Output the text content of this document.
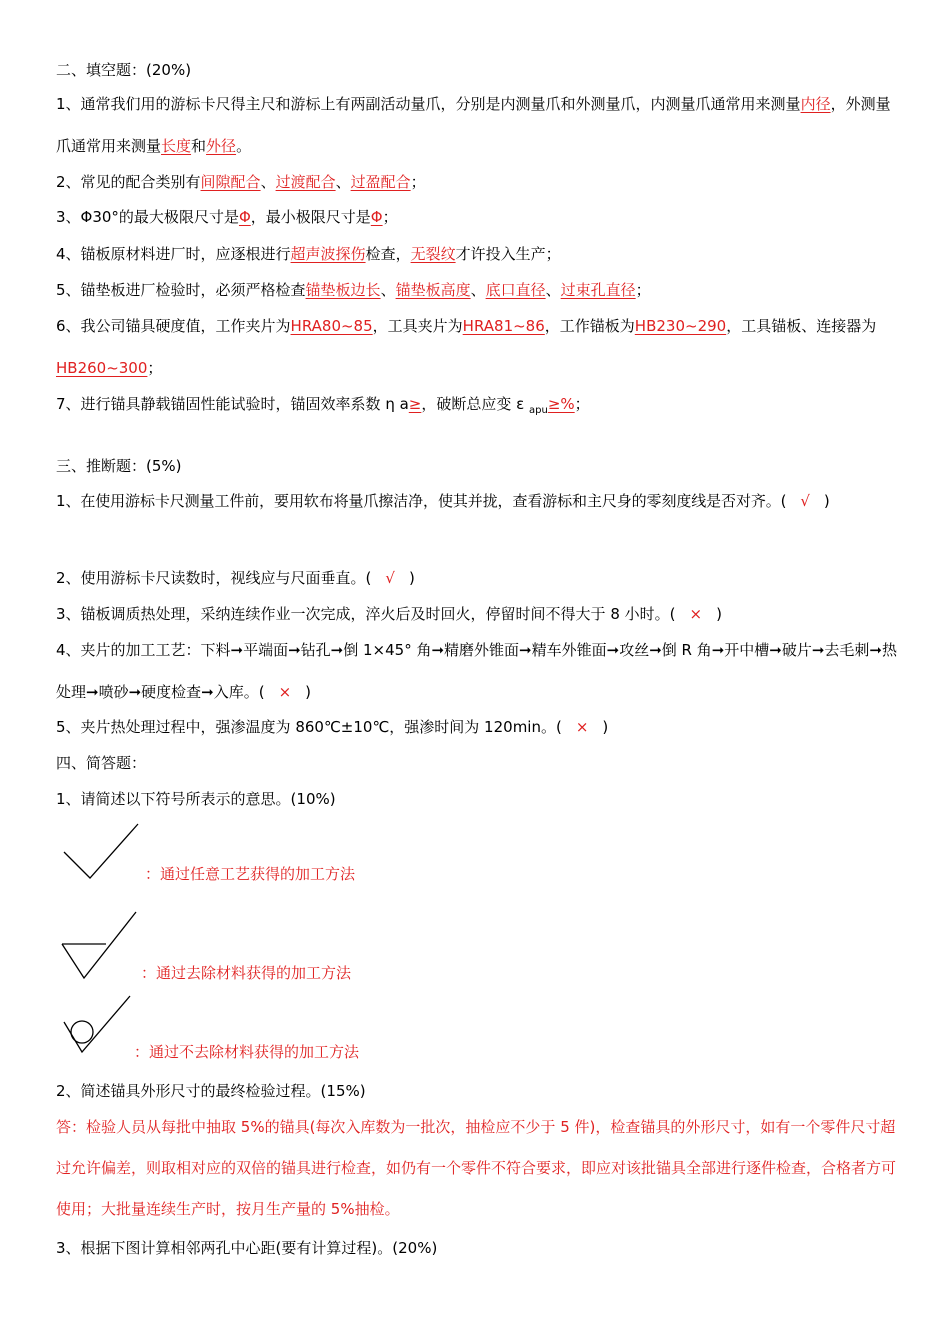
二、填空题：(20%)
1、通常我们用的游标卡尺得主尺和游标上有两副活动量爪，分别是内测量爪和外测量爪，内测量爪通常用来测量内径，外测量爪通常用来测量长度和外径。
2、常见的配合类别有间隙配合、过渡配合、过盈配合；
3、Φ30°的最大极限尺寸是Φ，最小极限尺寸是Φ；
4、锚板原材料进厂时，应逐根进行超声波探伤检查，无裂纹才许投入生产；
5、锚垫板进厂检验时，必须严格检查锚垫板边长、锚垫板高度、底口直径、过束孔直径；
6、我公司锚具硬度值，工作夹片为HRA80~85，工具夹片为HRA81~86，工作锚板为HB230~290，工具锚板、连接器为HB260~300；
7、进行锚具静载锚固性能试验时，锚固效率系数 η a≥，破断总应变 ε $_{apu}$≥%；
三、推断题：(5%)
1、在使用游标卡尺测量工件前，要用软布将量爪擦洁净，使其并拢，查看游标和主尺身的零刻度线是否对齐。( √ )
2、使用游标卡尺读数时，视线应与尺面垂直。( √ )
3、锚板调质热处理，采纳连续作业一次完成，淬火后及时回火，停留时间不得大于 8 小时。( × )
4、夹片的加工工艺：下料➞平端面➞钻孔➞倒 1×45° 角➞精磨外锥面➞精车外锥面➞攻丝➞倒 R 角➞开中槽➞破片➞去毛刺➞热处理➞喷砂➞硬度检查➞入库。( × )
5、夹片热处理过程中，强渗温度为 860℃±10℃，强渗时间为 120min。( × )
四、简答题：
1、请简述以下符号所表示的意思。(10%)
：通过任意工艺获得的加工方法
：通过去除材料获得的加工方法
：通过不去除材料获得的加工方法
2、简述锚具外形尺寸的最终检验过程。(15%)
答：检验人员从每批中抽取 5%的锚具(每次入库数为一批次，抽检应不少于 5 件)，检查锚具的外形尺寸，如有一个零件尺寸超过允许偏差，则取相对应的双倍的锚具进行检查，如仍有一个零件不符合要求，即应对该批锚具全部进行逐件检查，合格者方可使用；大批量连续生产时，按月生产量的 5%抽检。
3、根据下图计算相邻两孔中心距(要有计算过程)。(20%)
